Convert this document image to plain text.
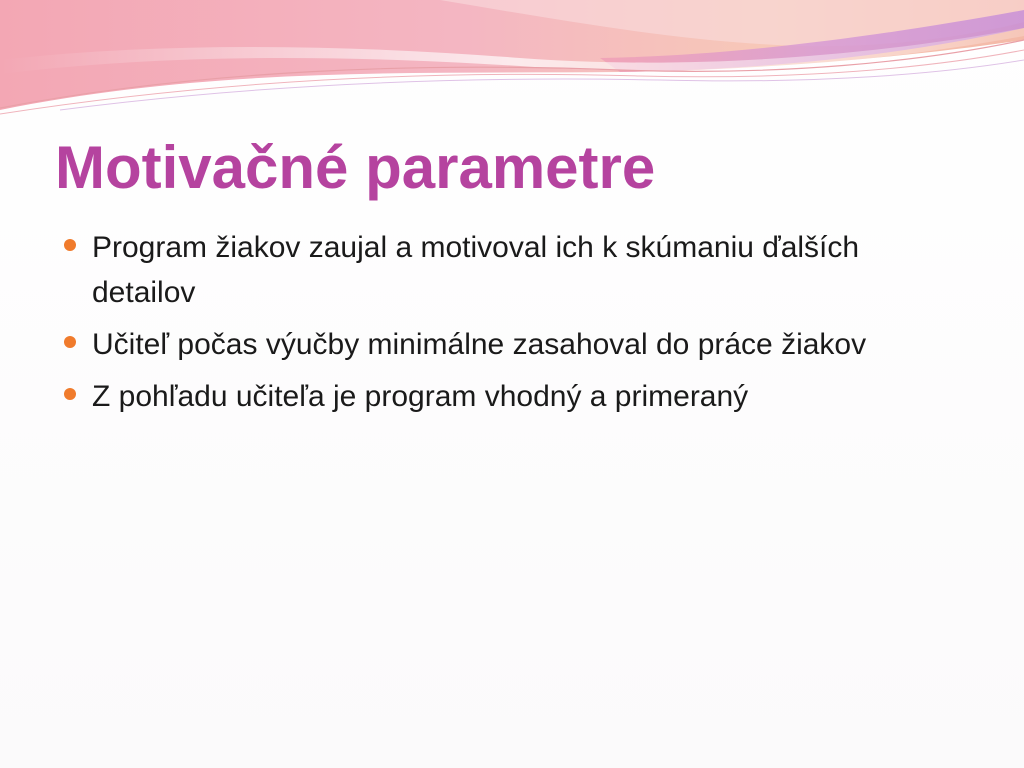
Motivačné parametre
Program žiakov zaujal a motivoval ich k skúmaniu ďalších detailov
Učiteľ počas výučby minimálne zasahoval do práce žiakov
Z pohľadu učiteľa je program vhodný a primeraný
